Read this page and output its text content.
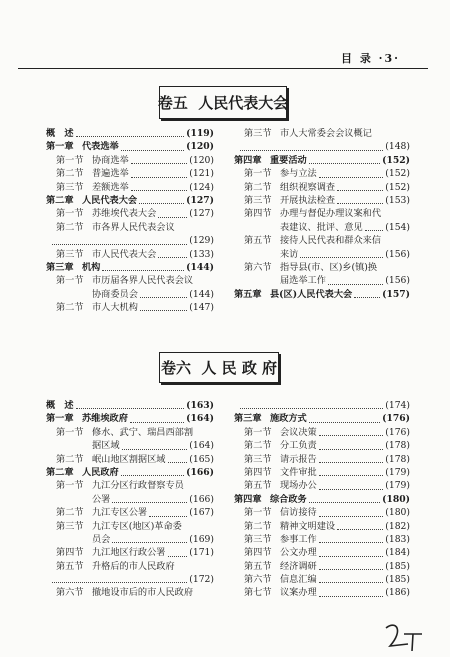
目 录 ·3·
卷五  人民代表大会
概　述	(119)
第一章 代表选举	(120)
第一节 协商选举	(120)
第二节 普遍选举	(121)
第三节 差额选举	(124)
第二章 人民代表大会	(127)
第一节 苏维埃代表大会	(127)
第二节 市各界人民代表会议
(129)
第三节 市人民代表大会	(133)
第三章 机构	(144)
第一节 市历届各界人民代表会议
协商委员会	(144)
第二节 市人大机构	(147)
第三节 市人大常委会会议概记
(148)
第四章 重要活动	(152)
第一节 参与立法	(152)
第二节 组织视察调查	(152)
第三节 开展执法检查	(153)
第四节 办理与督促办理议案和代
表建议、批评、意见 (154)
第五节 接待人民代表和群众来信
来访	(156)
第六节 指导县(市、区)乡(镇)换
届选举工作	(156)
第五章 县(区)人民代表大会	(157)
卷六  人 民 政 府
概　述	(163)
第一章 苏维埃政府	(164)
第一节 修水、武宁、瑞昌西部割
据区域	(164)
第二节 岷山地区割据区域	(165)
第二章 人民政府	(166)
第一节 九江分区行政督察专员
公署	(166)
第二节 九江专区公署	(167)
第三节 九江专区(地区)革命委
员会	(169)
第四节 九江地区行政公署	(171)
第五节 升格后的市人民政府
(172)
第六节 撤地设市后的市人民政府
(174)
第三章 施政方式	(176)
第一节 会议决策	(176)
第二节 分工负责	(178)
第三节 请示报告	(178)
第四节 文件审批	(179)
第五节 现场办公	(179)
第四章 综合政务	(180)
第一节 信访接待	(180)
第二节 精神文明建设	(182)
第三节 参事工作	(183)
第四节 公文办理	(184)
第五节 经济调研	(185)
第六节 信息汇编	(185)
第七节 议案办理	(186)
